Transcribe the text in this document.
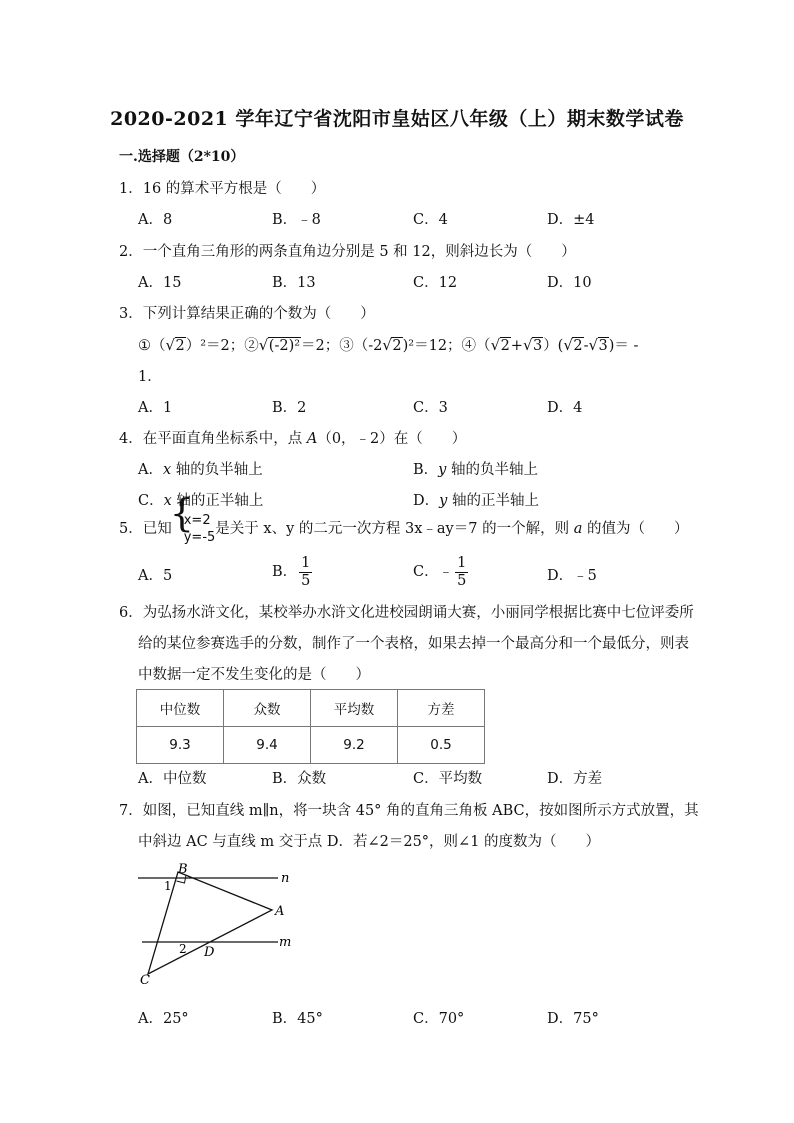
2020-2021 学年辽宁省沈阳市皇姑区八年级（上）期末数学试卷
一.选择题（2*10）
1．16 的算术平方根是（　　）
A．8	B．﹣8	C．4	D．±4
2．一个直角三角形的两条直角边分别是 5 和 12，则斜边长为（　　）
A．15	B．13	C．12	D．10
3．下列计算结果正确的个数为（　　）
①（ √ 2）²＝2；② √ (-2)²＝2；③（-2 √ 2)²＝12；④（ √ 2+ √ 3）( √ 2- √ 3)＝ -
1．
A．1	B．2	C．3	D．4
4．在平面直角坐标系中，点 A（0，﹣2）在（　　）
A．x 轴的负半轴上	B．y 轴的负半轴上
C．x 轴的正半轴上	D．y 轴的正半轴上
5．已知
{ x=2
y=-5
是关于 x、y 的二元一次方程 3x﹣ay＝7 的一个解，则 a 的值为（　　）
A．5	B． $\frac{1}{5}$	C．﹣ $\frac{1}{5}$	D．﹣5
6．为弘扬水浒文化，某校举办水浒文化进校园朗诵大赛，小丽同学根据比赛中七位评委所
给的某位参赛选手的分数，制作了一个表格，如果去掉一个最高分和一个最低分，则表
中数据一定不发生变化的是（　　）
中位数	众数	平均数	方差
9.3	9.4	9.2	0.5
A．中位数	B．众数	C．平均数	D．方差
7．如图，已知直线 m∥n，将一块含 45° 角的直角三角板 ABC，按如图所示方式放置，其
中斜边 AC 与直线 m 交于点 D．若∠2＝25°，则∠1 的度数为（　　）
B
A
C
D
n
m
1
2
A．25°	B．45°	C．70°	D．75°
